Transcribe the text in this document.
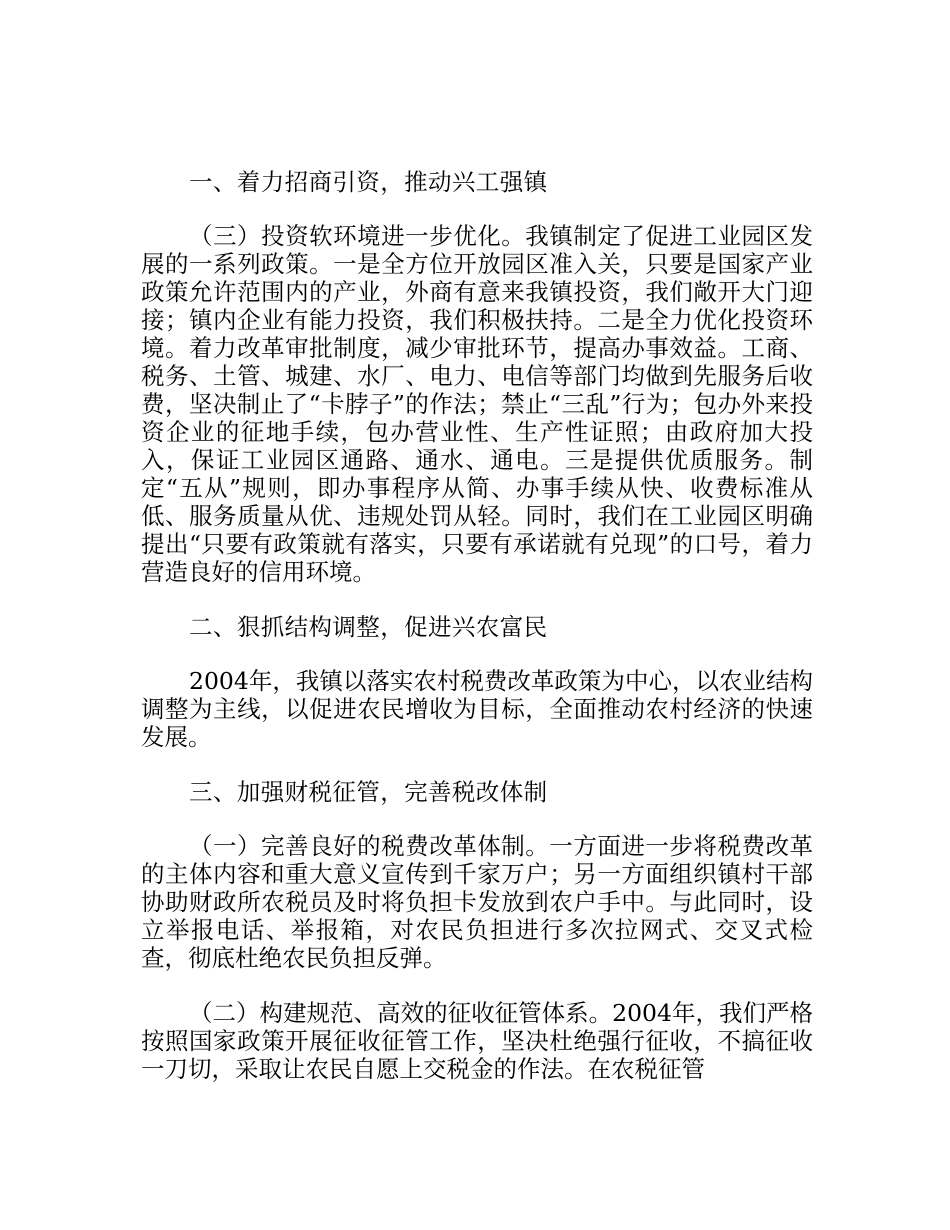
一、着力招商引资，推动兴工强镇

（三）投资软环境进一步优化。我镇制定了促进工业园区发展的一系列政策。一是全方位开放园区准入关，只要是国家产业政策允许范围内的产业，外商有意来我镇投资，我们敞开大门迎接；镇内企业有能力投资，我们积极扶持。二是全力优化投资环境。着力改革审批制度，减少审批环节，提高办事效益。工商、税务、土管、城建、水厂、电力、电信等部门均做到先服务后收费，坚决制止了“卡脖子”的作法；禁止“三乱”行为；包办外来投资企业的征地手续，包办营业性、生产性证照；由政府加大投入，保证工业园区通路、通水、通电。三是提供优质服务。制定“五从”规则，即办事程序从简、办事手续从快、收费标准从低、服务质量从优、违规处罚从轻。同时，我们在工业园区明确提出“只要有政策就有落实，只要有承诺就有兑现”的口号，着力营造良好的信用环境。

二、狠抓结构调整，促进兴农富民

2004年，我镇以落实农村税费改革政策为中心，以农业结构调整为主线，以促进农民增收为目标，全面推动农村经济的快速发展。

三、加强财税征管，完善税改体制

（一）完善良好的税费改革体制。一方面进一步将税费改革的主体内容和重大意义宣传到千家万户；另一方面组织镇村干部协助财政所农税员及时将负担卡发放到农户手中。与此同时，设立举报电话、举报箱，对农民负担进行多次拉网式、交叉式检查，彻底杜绝农民负担反弹。

（二）构建规范、高效的征收征管体系。2004年，我们严格按照国家政策开展征收征管工作，坚决杜绝强行征收，不搞征收一刀切，采取让农民自愿上交税金的作法。在农税征管
